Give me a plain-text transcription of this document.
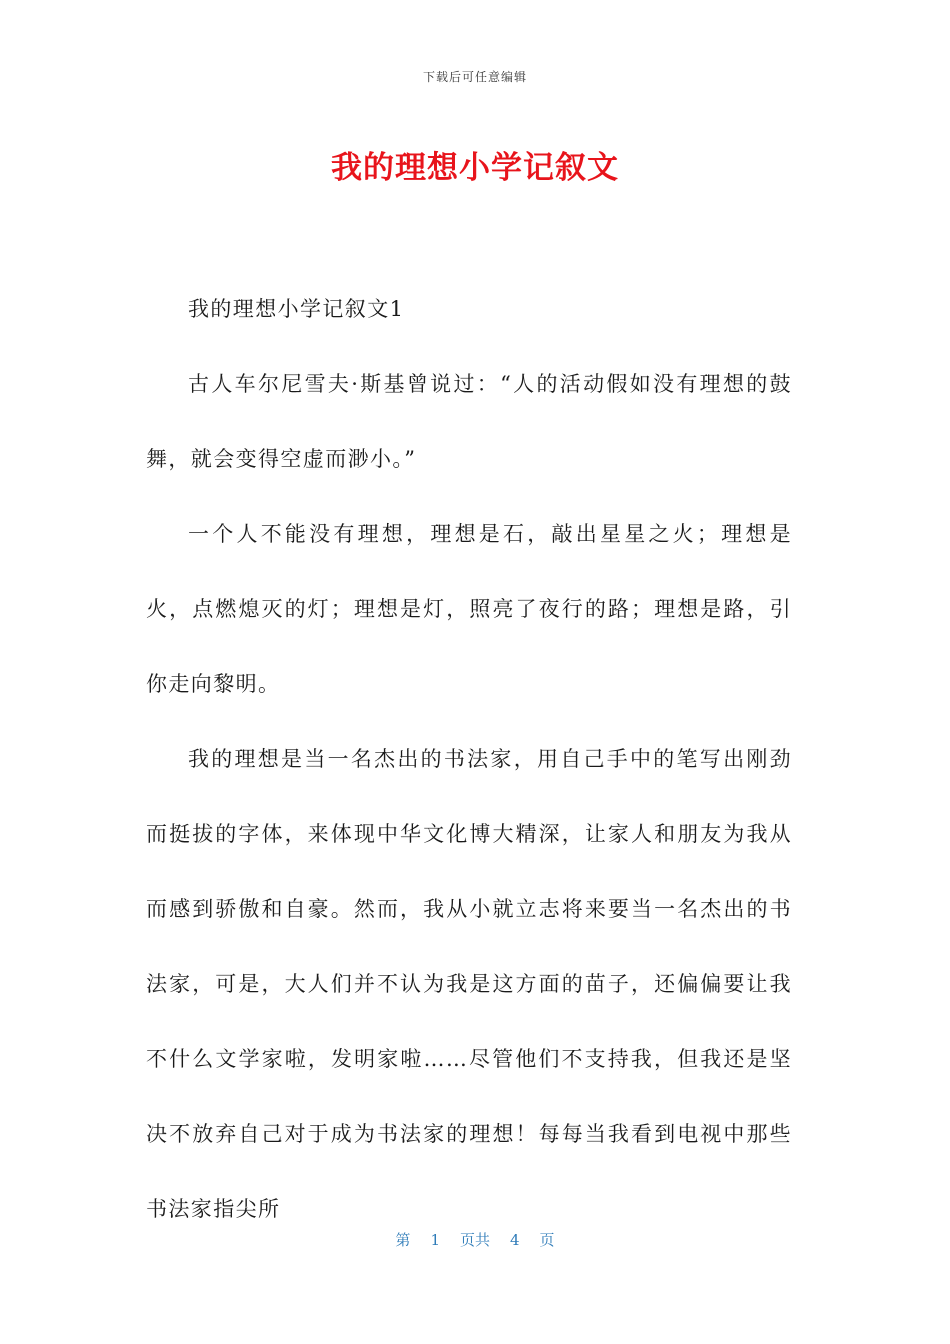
下载后可任意编辑
我的理想小学记叙文

我的理想小学记叙文1

古人车尔尼雪夫·斯基曾说过：“人的活动假如没有理想的鼓舞，就会变得空虚而渺小。”

一个人不能没有理想，理想是石，敲出星星之火；理想是火，点燃熄灭的灯；理想是灯，照亮了夜行的路；理想是路，引你走向黎明。

我的理想是当一名杰出的书法家，用自己手中的笔写出刚劲而挺拔的字体，来体现中华文化博大精深，让家人和朋友为我从而感到骄傲和自豪。然而，我从小就立志将来要当一名杰出的书法家，可是，大人们并不认为我是这方面的苗子，还偏偏要让我不什么文学家啦，发明家啦……尽管他们不支持我，但我还是坚决不放弃自己对于成为书法家的理想！每每当我看到电视中那些书法家指尖所

第 1 页共 4 页
